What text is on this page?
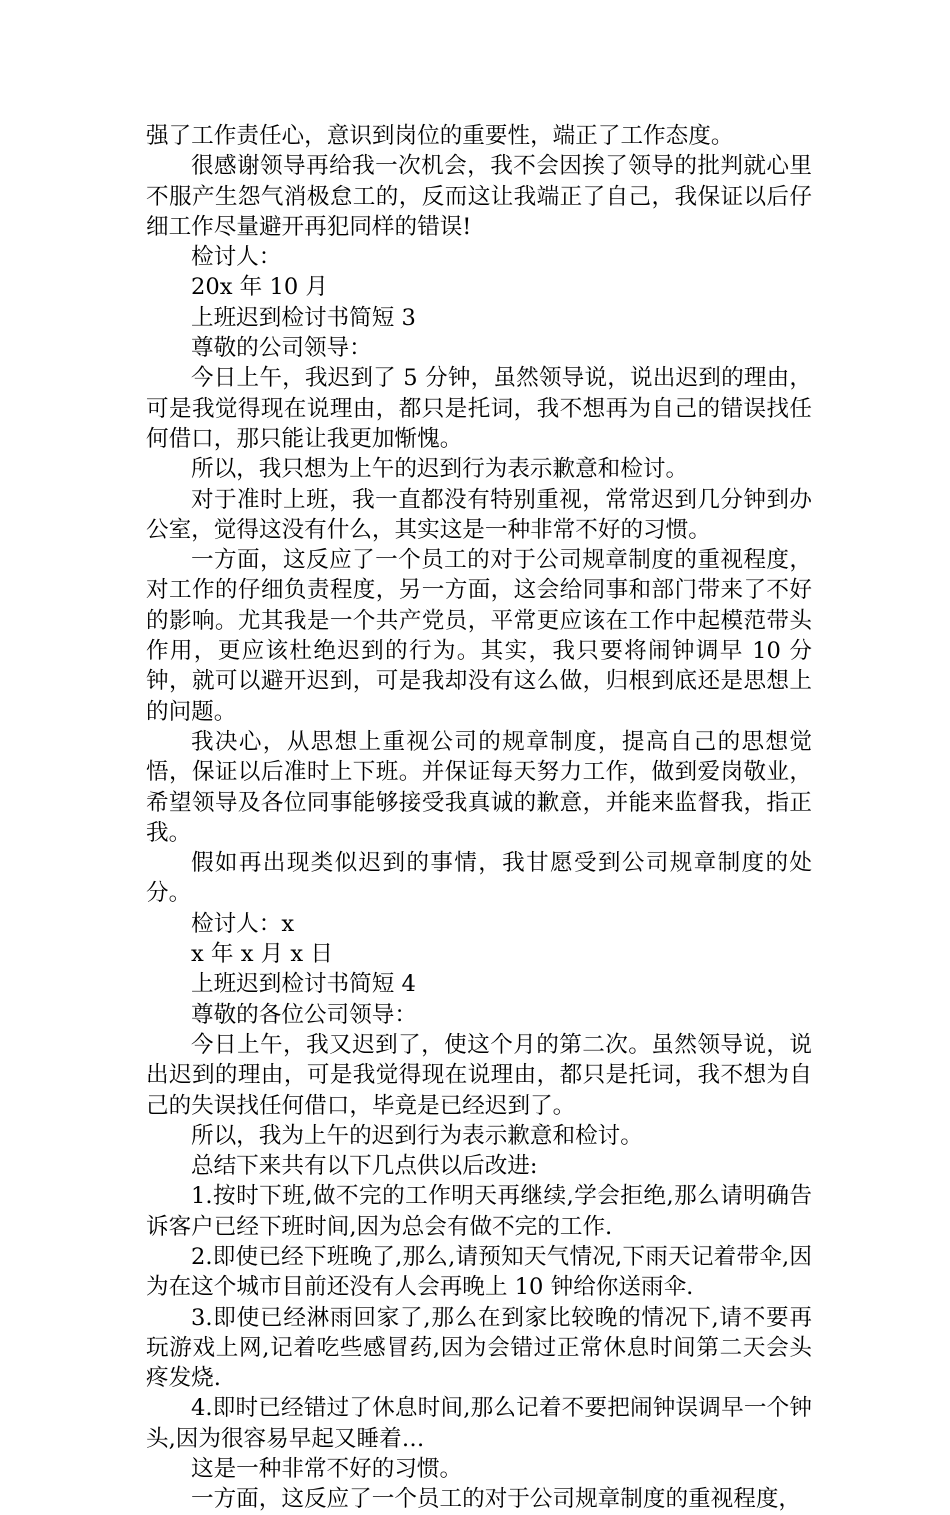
强了工作责任心，意识到岗位的重要性，端正了工作态度。

很感谢领导再给我一次机会，我不会因挨了领导的批判就心里不服产生怨气消极怠工的，反而这让我端正了自己，我保证以后仔细工作尽量避开再犯同样的错误!

检讨人：

20x 年 10 月

上班迟到检讨书简短 3

尊敬的公司领导：

今日上午，我迟到了 5 分钟，虽然领导说，说出迟到的理由，可是我觉得现在说理由，都只是托词，我不想再为自己的错误找任何借口，那只能让我更加惭愧。

所以，我只想为上午的迟到行为表示歉意和检讨。

对于准时上班，我一直都没有特别重视，常常迟到几分钟到办公室，觉得这没有什么，其实这是一种非常不好的习惯。

一方面，这反应了一个员工的对于公司规章制度的重视程度，对工作的仔细负责程度，另一方面，这会给同事和部门带来了不好的影响。尤其我是一个共产党员，平常更应该在工作中起模范带头作用，更应该杜绝迟到的行为。其实，我只要将闹钟调早 10 分钟，就可以避开迟到，可是我却没有这么做，归根到底还是思想上的问题。

我决心，从思想上重视公司的规章制度，提高自己的思想觉悟，保证以后准时上下班。并保证每天努力工作，做到爱岗敬业，希望领导及各位同事能够接受我真诚的歉意，并能来监督我，指正我。

假如再出现类似迟到的事情，我甘愿受到公司规章制度的处分。

检讨人：x

x 年 x 月 x 日

上班迟到检讨书简短 4

尊敬的各位公司领导：

今日上午，我又迟到了，使这个月的第二次。虽然领导说，说出迟到的理由，可是我觉得现在说理由，都只是托词，我不想为自己的失误找任何借口，毕竟是已经迟到了。

所以，我为上午的迟到行为表示歉意和检讨。

总结下来共有以下几点供以后改进:

1.按时下班,做不完的工作明天再继续,学会拒绝,那么请明确告诉客户已经下班时间,因为总会有做不完的工作.

2.即使已经下班晚了,那么,请预知天气情况,下雨天记着带伞,因为在这个城市目前还没有人会再晚上 10 钟给你送雨伞.

3.即使已经淋雨回家了,那么在到家比较晚的情况下,请不要再玩游戏上网,记着吃些感冒药,因为会错过正常休息时间第二天会头疼发烧.

4.即时已经错过了休息时间,那么记着不要把闹钟误调早一个钟头,因为很容易早起又睡着…

这是一种非常不好的习惯。

一方面，这反应了一个员工的对于公司规章制度的重视程度，
